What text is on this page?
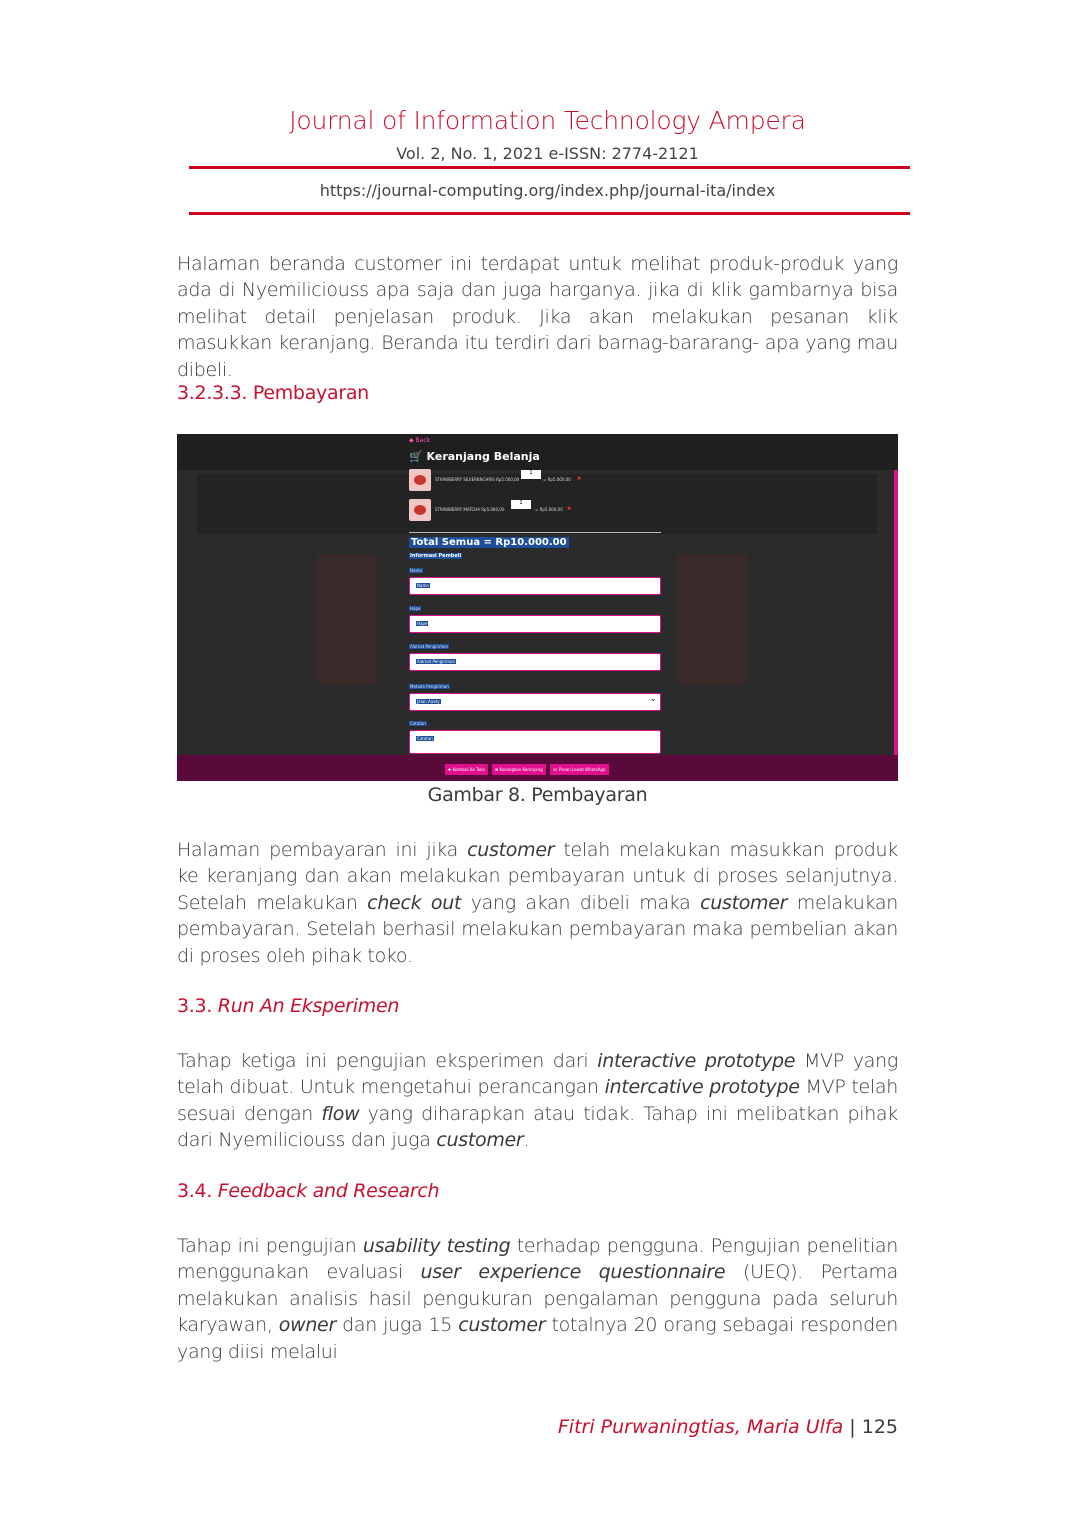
Journal of Information Technology Ampera
Vol. 2, No. 1, 2021 e-ISSN: 2774-2121
https://journal-computing.org/index.php/journal-ita/index
Halaman beranda customer ini terdapat untuk melihat produk-produk yang ada di Nyemiliciouss apa saja dan juga harganya. jika di klik gambarnya bisa melihat detail penjelasan produk. Jika akan melakukan pesanan klik masukkan keranjang. Beranda itu terdiri dari barnag-bararang- apa yang mau dibeli.
3.2.3.3. Pembayaran
◆ Back
🛒 Keranjang Belanja
STRAWBERRY SILVERKNCHRIS Rp5.000,00
1
= Rp5.000,00 ✖
STRAWBERRY MATCHA Rp5.000,00
1
= Rp5.000,00 ✖
Total Semua = Rp10.000.00
Informasi Pembeli
Nama
Nama
Hape
Hape
Alamat Pengiriman
Alamat Pengiriman
Metode Pengiriman
Jalan Aaaty
⌄
Catatan
Catatan
✚ Kembali Ke Toko	✖ Kosongkan Keranjang	☏ Pesan Lewat WhatsApp
Gambar 8. Pembayaran
Halaman pembayaran ini jika customer telah melakukan masukkan produk ke keranjang dan akan melakukan pembayaran untuk di proses selanjutnya. Setelah melakukan check out yang akan dibeli maka customer melakukan pembayaran. Setelah berhasil melakukan pembayaran maka pembelian akan di proses oleh pihak toko.
3.3. Run An Eksperimen
Tahap ketiga ini pengujian eksperimen dari interactive prototype MVP yang telah dibuat. Untuk mengetahui perancangan intercative prototype MVP telah sesuai dengan flow yang diharapkan atau tidak. Tahap ini melibatkan pihak dari Nyemiliciouss dan juga customer.
3.4. Feedback and Research
Tahap ini pengujian usability testing terhadap pengguna. Pengujian penelitian menggunakan evaluasi user experience questionnaire (UEQ). Pertama melakukan analisis hasil pengukuran pengalaman pengguna pada seluruh karyawan, owner dan juga 15 customer totalnya 20 orang sebagai responden yang diisi melalui
Fitri Purwaningtias, Maria Ulfa | 125
